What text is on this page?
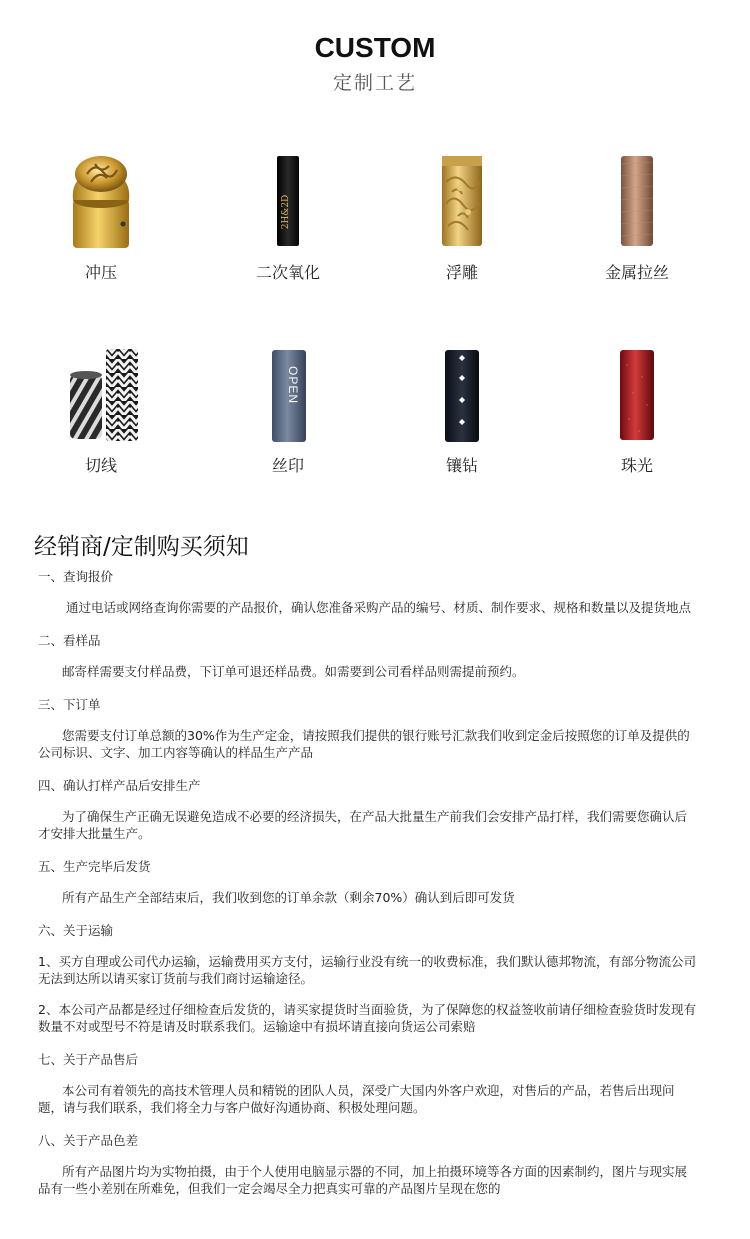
CUSTOM
定制工艺
冲压
2H&2D
二次氧化	浮雕	金属拉丝
切线
OPEN
丝印	镶钻	珠光
经销商/定制购买须知

一、查询报价

通过电话或网络查询你需要的产品报价，确认您准备采购产品的编号、材质、制作要求、规格和数量以及提货地点

二、看样品

邮寄样需要支付样品费，下订单可退还样品费。如需要到公司看样品则需提前预约。

三、下订单

您需要支付订单总额的30%作为生产定金，请按照我们提供的银行账号汇款我们收到定金后按照您的订单及提供的公司标识、文字、加工内容等确认的样品生产产品

四、确认打样产品后安排生产

为了确保生产正确无误避免造成不必要的经济损失，在产品大批量生产前我们会安排产品打样，我们需要您确认后才安排大批量生产。

五、生产完毕后发货

所有产品生产全部结束后，我们收到您的订单余款（剩余70%）确认到后即可发货

六、关于运输

1、买方自理或公司代办运输，运输费用买方支付，运输行业没有统一的收费标准，我们默认德邦物流，有部分物流公司无法到达所以请买家订货前与我们商讨运输途径。

2、本公司产品都是经过仔细检查后发货的，请买家提货时当面验货，为了保障您的权益签收前请仔细检查验货时发现有数量不对或型号不符是请及时联系我们。运输途中有损坏请直接向货运公司索赔

七、关于产品售后

本公司有着领先的高技术管理人员和精锐的团队人员，深受广大国内外客户欢迎，对售后的产品，若售后出现问题，请与我们联系，我们将全力与客户做好沟通协商、积极处理问题。

八、关于产品色差

所有产品图片均为实物拍摄，由于个人使用电脑显示器的不同，加上拍摄环境等各方面的因素制约，图片与现实展品有一些小差别在所难免，但我们一定会竭尽全力把真实可靠的产品图片呈现在您的
